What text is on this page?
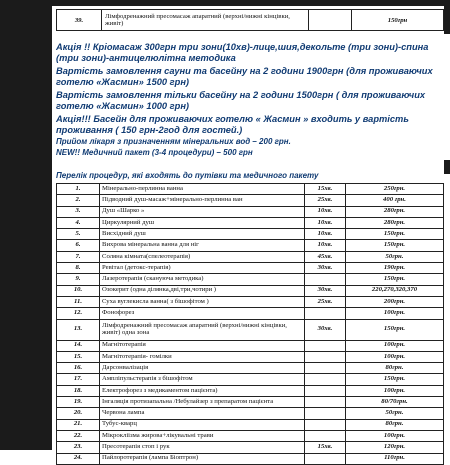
39.	Лімфодренажний пресомасаж апаратний (верхні/нижні кінцівки, живіт)		150грн

Акція !! Кріомасаж 300грн три зони(10хв)-лице,шия,декольте (три зони)-спина (три зони)-антицелюлітна методика

Вартість замовлення сауни та басейну на 2 години 1900грн (для проживаючих готелю «Жасмин» 1500 грн)

Вартість замовлення тільки басейну на 2 години 1500грн ( для проживаючих готелю «Жасмин» 1000 грн)

Акція!!! Басейн для проживаючих готелю « Жасмин » входить у вартість проживання ( 150 грн-2год для гостей.)

Прийом лікаря з призначенням мінеральних вод – 200 грн.

NEW!! Медичний пакет (3-4 процедури) – 500 грн

Перелік процедур, які входять до путівки та медичного пакету
1.	Мінерально-перлинна ванна	15хв.	250грн.
2.	Підводний душ-масаж+мінерально-перлинна ван	25хв.	400 грн.
3.	Душ «Шарко »	10хв.	280грн.
4.	Циркулярний душ	10хв.	280грн.
5.	Висхідний душ	10хв.	150грн.
6.	Вихрова мінеральна ванна для ніг	10хв.	150грн.
7.	Соляна кімната(спелеотерапія)	45хв.	50грн.
8.	Ревітал (детокс-терапія)	30хв.	190грн.
9.	Лазеротерапія (скануюча методика)		150грн.
10.	Озокерит (одна ділянка,дві,три,чотири )	30хв.	220,270,320,370
11.	Суха вуглекисла ванна( з бішофітом )	25хв.	200грн.
12.	Фонофорез		100грн.
13.	Лімфодренажний пресомасаж апаратний (верхні/нижні кінцівки, живіт) одна зона	30хв.	150грн.
14.	Магнітотерапія		100грн.
15.	Магнітотерапія- гомілки		100грн.
16.	Дарсонвалізація		80грн.
17.	Ампліпульстерапія з бішофітом		150грн.
18.	Електрофорез з медикаментом пацієнта)		100грн.
19.	Інгаляція протизапальна /Небулайзер з препаратом пацієнта		80/70грн.
20.	Червона лампа		50грн.
21.	Тубус-кварц		80грн.
22.	Мікрокліізма жирова+лікувальні трави		100грн.
23.	Пресотерапія стоп і рук	15хв.	120грн.
24.	Пайлоротерапія (лампа Біоптрон)		110грн.
